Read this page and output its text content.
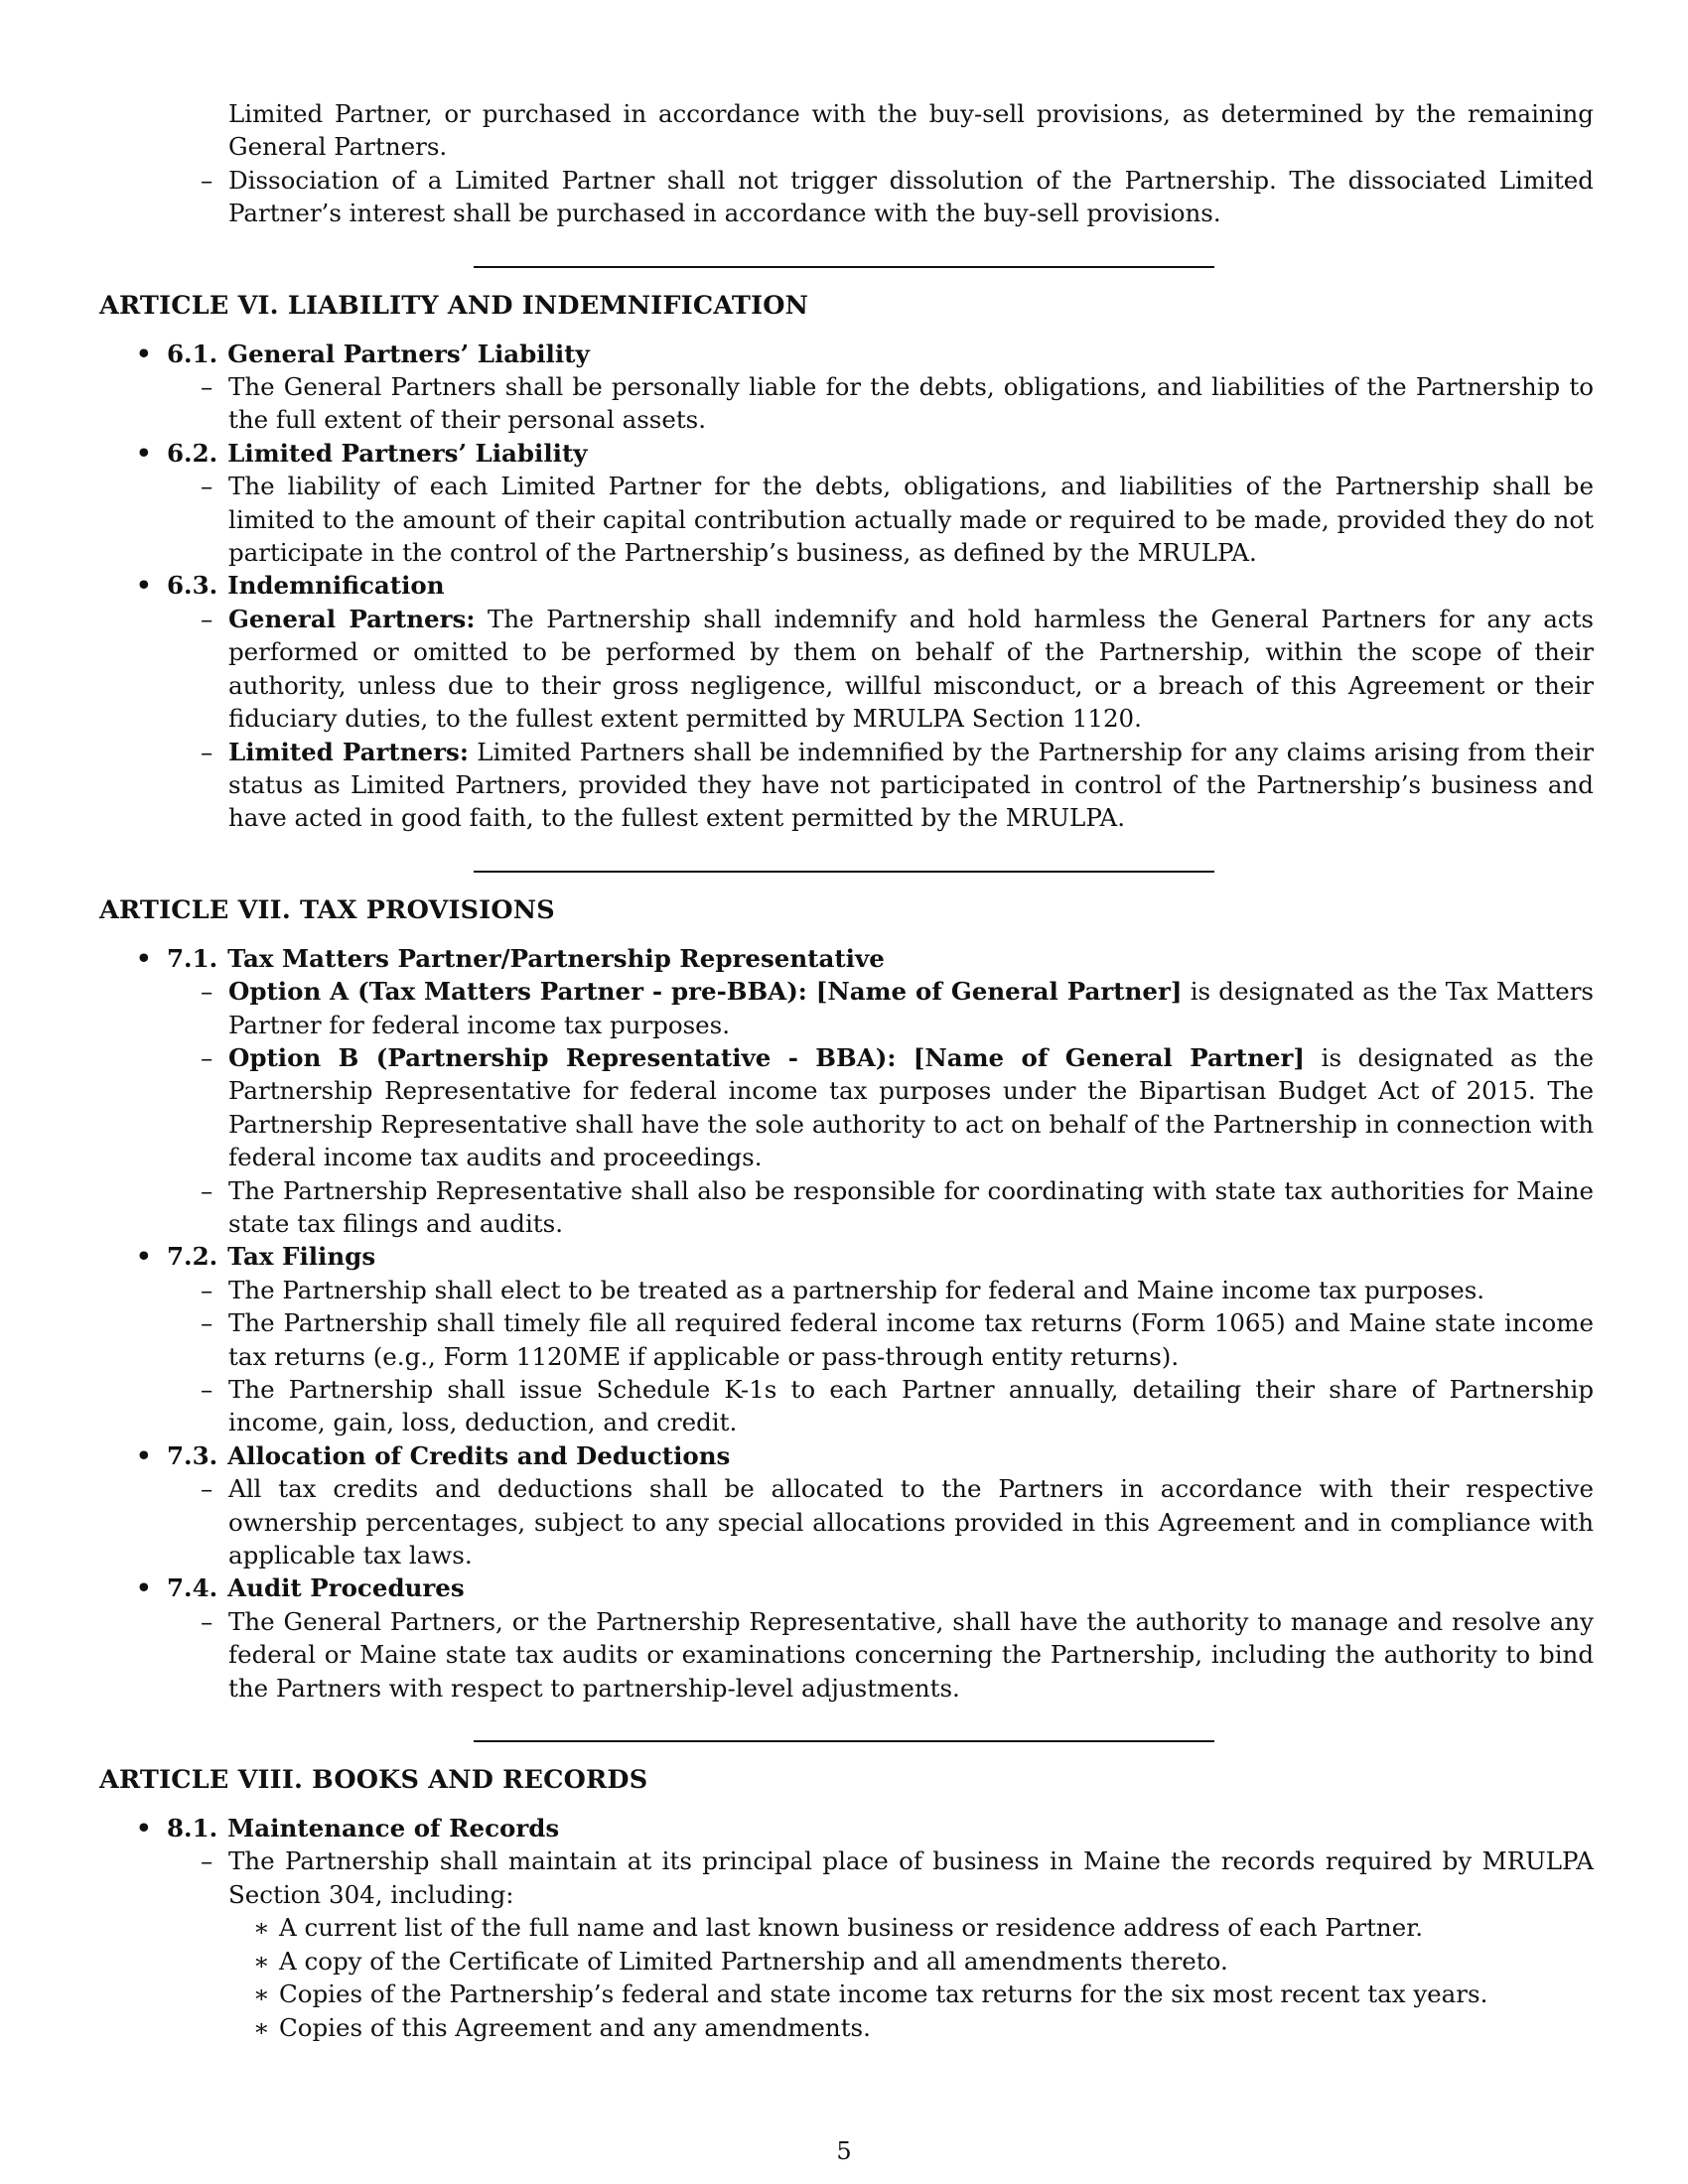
Limited Partner, or purchased in accordance with the buy-sell provisions, as determined by the remaining General Partners.
– Dissociation of a Limited Partner shall not trigger dissolution of the Partnership. The dissociated Limited Partner’s interest shall be purchased in accordance with the buy-sell provisions.
ARTICLE VI. LIABILITY AND INDEMNIFICATION
• 6.1. General Partners’ Liability
– The General Partners shall be personally liable for the debts, obligations, and liabilities of the Partnership to the full extent of their personal assets.
• 6.2. Limited Partners’ Liability
– The liability of each Limited Partner for the debts, obligations, and liabilities of the Partnership shall be limited to the amount of their capital contribution actually made or required to be made, provided they do not participate in the control of the Partnership’s business, as defined by the MRULPA.
• 6.3. Indemnification
– General Partners: The Partnership shall indemnify and hold harmless the General Partners for any acts performed or omitted to be performed by them on behalf of the Partnership, within the scope of their authority, unless due to their gross negligence, willful misconduct, or a breach of this Agreement or their fiduciary duties, to the fullest extent permitted by MRULPA Section 1120.
– Limited Partners: Limited Partners shall be indemnified by the Partnership for any claims arising from their status as Limited Partners, provided they have not participated in control of the Partnership’s business and have acted in good faith, to the fullest extent permitted by the MRULPA.
ARTICLE VII. TAX PROVISIONS
• 7.1. Tax Matters Partner/Partnership Representative
– Option A (Tax Matters Partner - pre-BBA): [Name of General Partner] is designated as the Tax Matters Partner for federal income tax purposes.
– Option B (Partnership Representative - BBA): [Name of General Partner] is designated as the Partnership Representative for federal income tax purposes under the Bipartisan Budget Act of 2015. The Partnership Representative shall have the sole authority to act on behalf of the Partnership in connection with federal income tax audits and proceedings.
– The Partnership Representative shall also be responsible for coordinating with state tax authorities for Maine state tax filings and audits.
• 7.2. Tax Filings
– The Partnership shall elect to be treated as a partnership for federal and Maine income tax purposes.
– The Partnership shall timely file all required federal income tax returns (Form 1065) and Maine state income tax returns (e.g., Form 1120ME if applicable or pass-through entity returns).
– The Partnership shall issue Schedule K-1s to each Partner annually, detailing their share of Partnership income, gain, loss, deduction, and credit.
• 7.3. Allocation of Credits and Deductions
– All tax credits and deductions shall be allocated to the Partners in accordance with their respective ownership percentages, subject to any special allocations provided in this Agreement and in compliance with applicable tax laws.
• 7.4. Audit Procedures
– The General Partners, or the Partnership Representative, shall have the authority to manage and resolve any federal or Maine state tax audits or examinations concerning the Partnership, including the authority to bind the Partners with respect to partnership-level adjustments.
ARTICLE VIII. BOOKS AND RECORDS
• 8.1. Maintenance of Records
– The Partnership shall maintain at its principal place of business in Maine the records required by MRULPA Section 304, including:
∗ A current list of the full name and last known business or residence address of each Partner.
∗ A copy of the Certificate of Limited Partnership and all amendments thereto.
∗ Copies of the Partnership’s federal and state income tax returns for the six most recent tax years.
∗ Copies of this Agreement and any amendments.
5
